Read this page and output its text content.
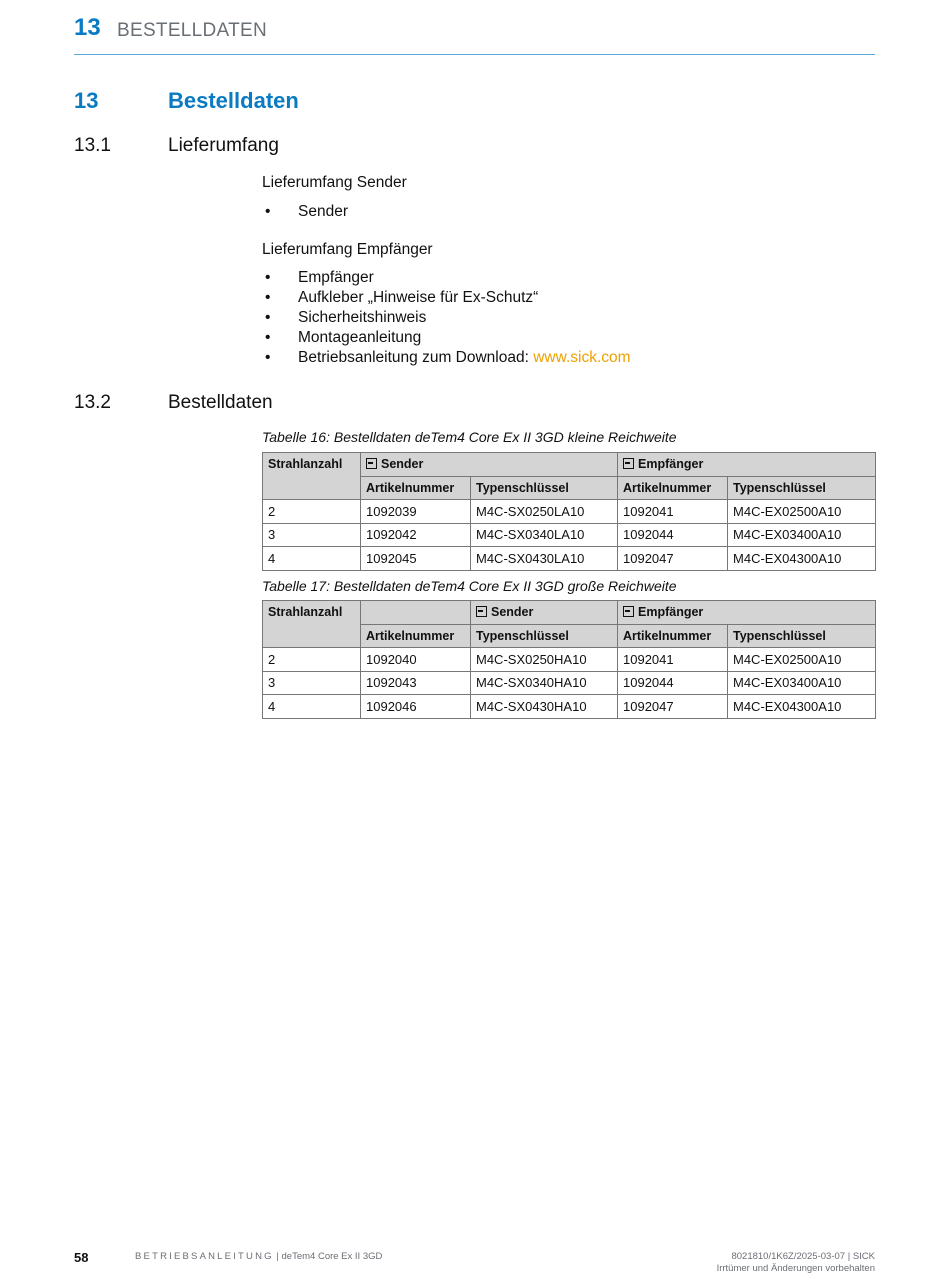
13 BESTELLDATEN
13	Bestelldaten
13.1	Lieferumfang
Lieferumfang Sender
• Sender
Lieferumfang Empfänger
• Empfänger
• Aufkleber „Hinweise für Ex-Schutz“
• Sicherheitshinweis
• Montageanleitung
• Betriebsanleitung zum Download: www.sick.com
13.2	Bestelldaten
Tabelle 16: Bestelldaten deTem4 Core Ex II 3GD kleine Reichweite
Strahlanzahl	Sender		Empfänger	
	Artikelnummer	Typenschlüssel	Artikelnummer	Typenschlüssel
2	1092039	M4C-SX0250LA10	1092041	M4C-EX02500A10
3	1092042	M4C-SX0340LA10	1092044	M4C-EX03400A10
4	1092045	M4C-SX0430LA10	1092047	M4C-EX04300A10
Tabelle 17: Bestelldaten deTem4 Core Ex II 3GD große Reichweite
Strahlanzahl		Sender	Empfänger	
	Artikelnummer	Typenschlüssel	Artikelnummer	Typenschlüssel
2	1092040	M4C-SX0250HA10	1092041	M4C-EX02500A10
3	1092043	M4C-SX0340HA10	1092044	M4C-EX03400A10
4	1092046	M4C-SX0430HA10	1092047	M4C-EX04300A10
58	BETRIEBSANLEITUNG | deTem4 Core Ex II 3GD	8021810/1K6Z/2025-03-07 | SICK
Irrtümer und Änderungen vorbehalten
